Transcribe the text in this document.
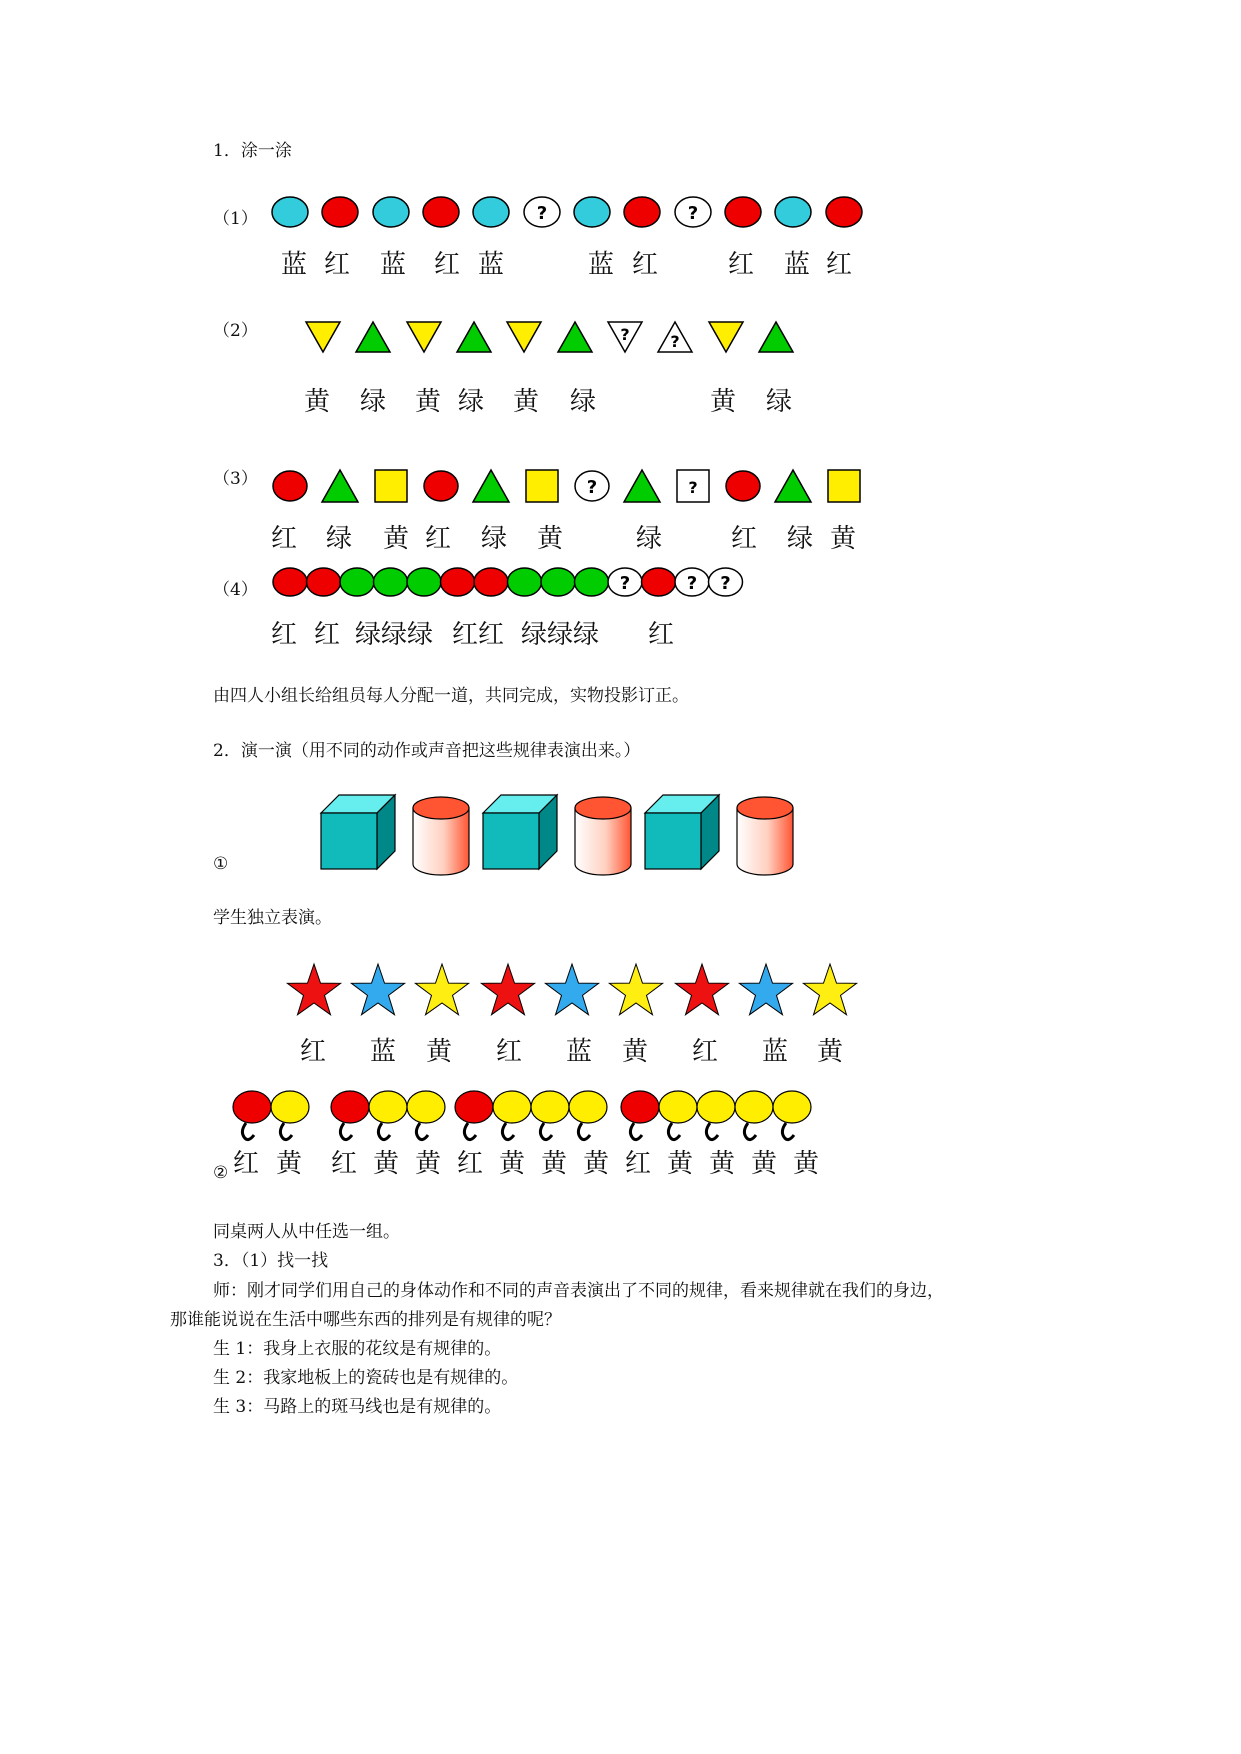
1．涂一涂
（1）
（2）
（3）
（4）
?	?
?	?
?	?
?	? ?
蓝 红 蓝 红 蓝	蓝 红	红 蓝 红
黄 绿 黄 绿 黄 绿	黄 绿
红 绿 黄 红 绿 黄	绿	红 绿 黄
红 红 绿绿绿 红红 绿绿绿 红
由四人小组长给组员每人分配一道，共同完成，实物投影订正。
2．演一演（用不同的动作或声音把这些规律表演出来。）
①
学生独立表演。
红 蓝 黄 红 蓝 黄 红 蓝 黄
② 红 黄 红 黄 黄 红 黄 黄 黄 红 黄 黄 黄 黄
同桌两人从中任选一组。
3．（1）找一找
师：刚才同学们用自己的身体动作和不同的声音表演出了不同的规律，看来规律就在我们的身边，
那谁能说说在生活中哪些东西的排列是有规律的呢？
生 1：我身上衣服的花纹是有规律的。
生 2：我家地板上的瓷砖也是有规律的。
生 3：马路上的斑马线也是有规律的。
